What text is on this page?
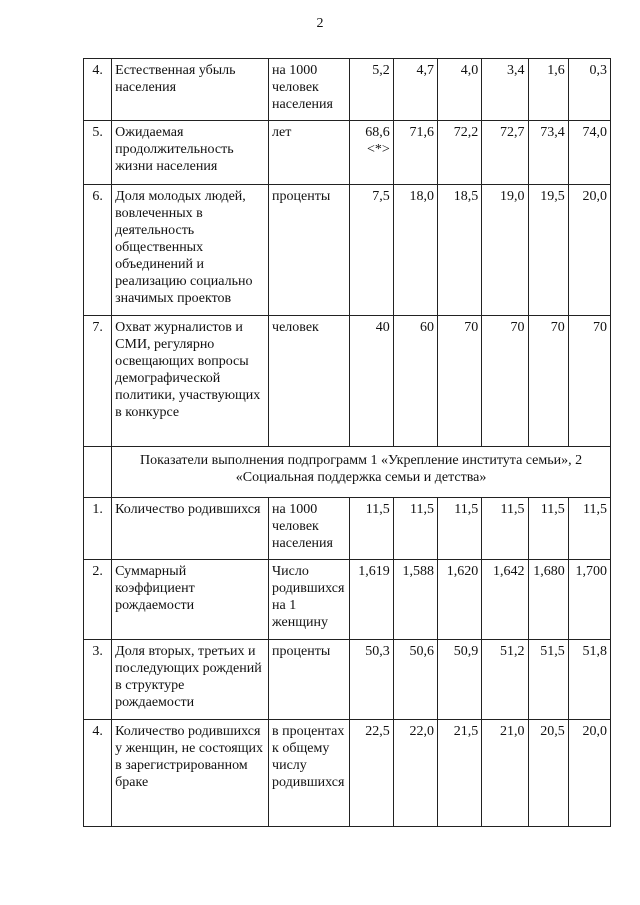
2
4.	Естественная убыль населения	на 1000 человек населения	5,2	4,7	4,0	3,4	1,6	0,3
5.	Ожидаемая продолжительность жизни населения	лет	68,6 <*>	71,6	72,2	72,7	73,4	74,0
6.	Доля молодых людей, вовлеченных в деятельность общественных объединений и реализацию социально значимых проектов	проценты	7,5	18,0	18,5	19,0	19,5	20,0
7.	Охват журналистов и СМИ, регулярно освещающих вопросы демографической политики, участвующих в конкурсе	человек	40	60	70	70	70	70
	Показатели выполнения подпрограмм 1 «Укрепление института семьи», 2 «Социальная поддержка семьи и детства»							
1.	Количество родившихся	на 1000 человек населения	11,5	11,5	11,5	11,5	11,5	11,5
2.	Суммарный коэффициент рождаемости	Число родившихся на 1 женщину	1,619	1,588	1,620	1,642	1,680	1,700
3.	Доля вторых, третьих и последующих рождений в структуре рождаемости	проценты	50,3	50,6	50,9	51,2	51,5	51,8
4.	Количество родившихся у женщин, не состоящих в зарегистрированном браке	в процентах к общему числу родившихся	22,5	22,0	21,5	21,0	20,5	20,0
